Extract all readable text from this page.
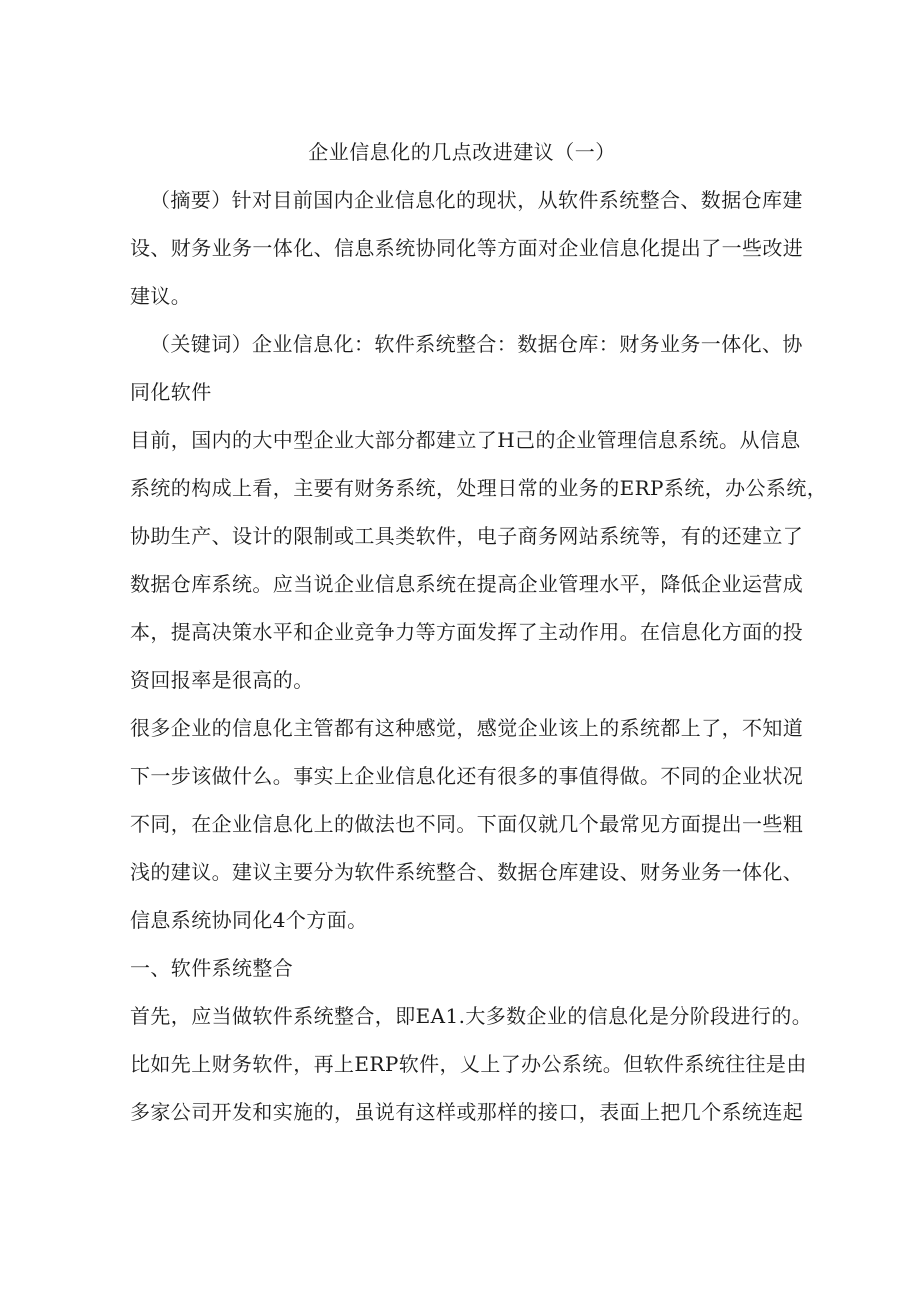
企业信息化的几点改进建议（一）

（摘要）针对目前国内企业信息化的现状，从软件系统整合、数据仓库建

设、财务业务一体化、信息系统协同化等方面对企业信息化提出了一些改进

建议。

（关键词）企业信息化：软件系统整合：数据仓库：财务业务一体化、协

同化软件

目前，国内的大中型企业大部分都建立了H己的企业管理信息系统。从信息

系统的构成上看，主要有财务系统，处理日常的业务的ERP系统，办公系统，

协助生产、设计的限制或工具类软件，电子商务网站系统等，有的还建立了

数据仓库系统。应当说企业信息系统在提高企业管理水平，降低企业运营成

本，提高决策水平和企业竞争力等方面发挥了主动作用。在信息化方面的投

资回报率是很高的。

很多企业的信息化主管都有这种感觉，感觉企业该上的系统都上了，不知道

下一步该做什么。事实上企业信息化还有很多的事值得做。不同的企业状况

不同，在企业信息化上的做法也不同。下面仅就几个最常见方面提出一些粗

浅的建议。建议主要分为软件系统整合、数据仓库建设、财务业务一体化、

信息系统协同化4个方面。

一、软件系统整合

首先，应当做软件系统整合，即EA1.大多数企业的信息化是分阶段进行的。

比如先上财务软件，再上ERP软件，乂上了办公系统。但软件系统往往是由

多家公司开发和实施的，虽说有这样或那样的接口，表面上把几个系统连起
